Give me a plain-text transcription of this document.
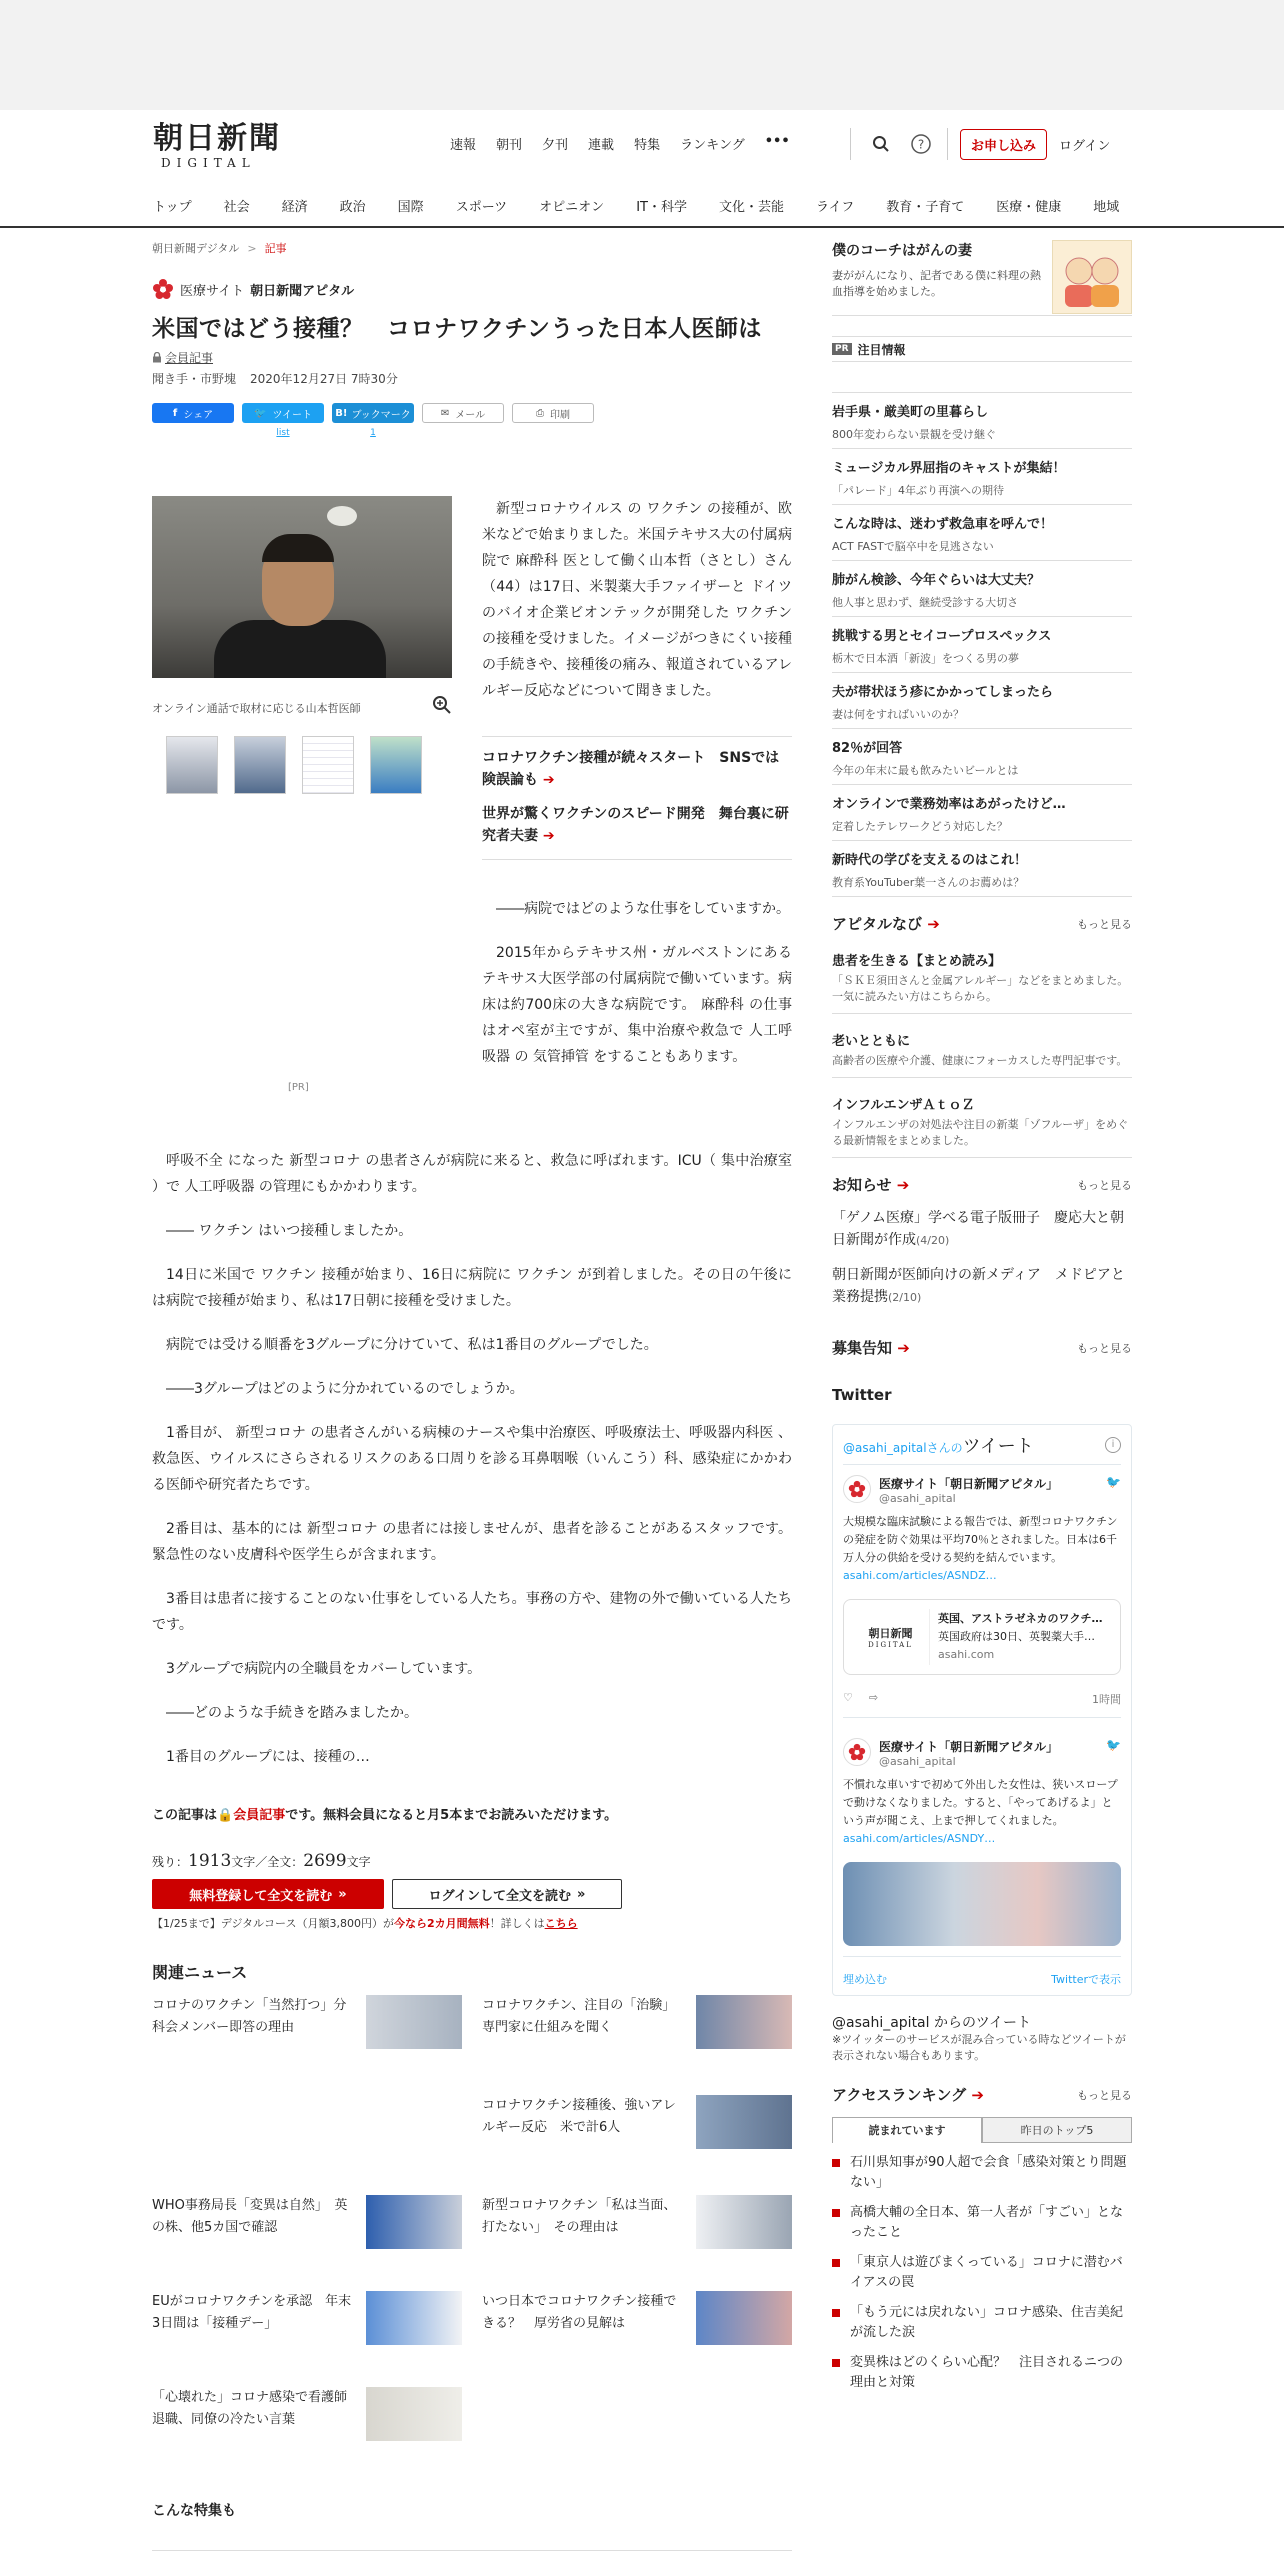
朝日新聞
DIGITAL
速報 朝刊 夕刊 連載 特集 ランキング •••	?	お申し込み	ログイン
トップ 社会 経済 政治 国際 スポーツ オピニオン IT・科学 文化・芸能 ライフ 教育・子育て 医療・健康 地域
朝日新聞デジタル > 記事
医療サイト 朝日新聞アピタル
米国ではどう接種？　コロナワクチンうった日本人医師は
会員記事
聞き手・市野塊 2020年12月27日 7時30分
f シェア	🐦 ツイート
list
B! ブックマーク
1
✉ メール	⎙ 印刷
オンライン通話で取材に応じる山本哲医師

新型コロナウイルス の ワクチン の接種が、欧米などで始まりました。米国テキサス大の付属病院で 麻酔科 医として働く山本哲（さとし）さん（44）は17日、米製薬大手ファイザーと ドイツ のバイオ企業ビオンテックが開発した ワクチン の接種を受けました。イメージがつきにくい接種の手続きや、接種後の痛み、報道されているアレルギー反応などについて聞きました。

コロナワクチン接種が続々スタート　SNSでは険誤論も ➔

世界が驚くワクチンのスピード開発　舞台裏に研究者夫妻 ➔

――病院ではどのような仕事をしていますか。

2015年からテキサス州・ガルベストンにあるテキサス大医学部の付属病院で働いています。病床は約700床の大きな病院です。 麻酔科 の仕事はオペ室が主ですが、集中治療や救急で 人工呼吸器 の 気管挿管 をすることもあります。

[PR]

呼吸不全 になった 新型コロナ の患者さんが病院に来ると、救急に呼ばれます。ICU（ 集中治療室 ）で 人工呼吸器 の管理にもかかわります。

―― ワクチン はいつ接種しましたか。

14日に米国で ワクチン 接種が始まり、16日に病院に ワクチン が到着しました。その日の午後には病院で接種が始まり、私は17日朝に接種を受けました。

病院では受ける順番を3グループに分けていて、私は1番目のグループでした。

――3グループはどのように分かれているのでしょうか。

1番目が、 新型コロナ の患者さんがいる病棟のナースや集中治療医、呼吸療法士、呼吸器内科医 、救急医、ウイルスにさらされるリスクのある口周りを診る耳鼻咽喉（いんこう）科、感染症にかかわる医師や研究者たちです。

2番目は、基本的には 新型コロナ の患者には接しませんが、患者を診ることがあるスタッフです。緊急性のない皮膚科や医学生らが含まれます。

3番目は患者に接することのない仕事をしている人たち。事務の方や、建物の外で働いている人たちです。

3グループで病院内の全職員をカバーしています。

――どのような手続きを踏みましたか。

1番目のグループには、接種の…

この記事は🔒会員記事です。無料会員になると月5本までお読みいただけます。
残り：1913文字／全文：2699文字
無料登録して全文を読む »	ログインして全文を読む »
【1/25まで】デジタルコース（月額3,800円）が今なら2カ月間無料！詳しくはこちら
関連ニュース
コロナのワクチン「当然打つ」分科会メンバー即答の理由
コロナワクチン、注目の「治験」　専門家に仕組みを聞く
コロナワクチン接種後、強いアレルギー反応　米で計6人
WHO事務局長「変異は自然」　英の株、他5カ国で確認
新型コロナワクチン「私は当面、打たない」　その理由は
EUがコロナワクチンを承認　年末3日間は「接種デー」
いつ日本でコロナワクチン接種できる？　厚労省の見解は
「心壊れた」コロナ感染で看護師退職、同僚の冷たい言葉
こんな特集も
僕のコーチはがんの妻
妻ががんになり、記者である僕に料理の熱血指導を始めました。
PR 注目情報
岩手県・厳美町の里暮らし
800年変わらない景観を受け継ぐ
ミュージカル界屈指のキャストが集結！
「パレード」4年ぶり再演への期待
こんな時は、迷わず救急車を呼んで！
ACT FASTで脳卒中を見逃さない
肺がん検診、今年ぐらいは大丈夫？
他人事と思わず、継続受診する大切さ
挑戦する男とセイコープロスペックス
栃木で日本酒「新波」をつくる男の夢
夫が帯状ほう疹にかかってしまったら
妻は何をすればいいのか？
82％が回答
今年の年末に最も飲みたいビールとは
オンラインで業務効率はあがったけど…
定着したテレワークどう対応した？
新時代の学びを支えるのはこれ！
教育系YouTuber葉一さんのお薦めは？
アピタルなび ➔	もっと見る
患者を生きる【まとめ読み】
「ＳＫＥ須田さんと金属アレルギー」などをまとめました。一気に読みたい方はこちらから。
老いとともに
高齢者の医療や介護、健康にフォーカスした専門記事です。
インフルエンザＡｔｏＺ
インフルエンザの対処法や注目の新薬「ゾフルーザ」をめぐる最新情報をまとめました。
お知らせ ➔	もっと見る
「ゲノム医療」学べる電子版冊子　慶応大と朝日新聞が作成(4/20)
朝日新聞が医師向けの新メディア　メドピアと業務提携(2/10)
募集告知 ➔	もっと見る
Twitter
@asahi_apitalさんのツイート	i
医療サイト「朝日新聞アピタル」
@asahi_apital
🐦
大規模な臨床試験による報告では、新型コロナワクチンの発症を防ぐ効果は平均70％とされました。日本は6千万人分の供給を受ける契約を結んでいます。 asahi.com/articles/ASNDZ…
朝日新聞
DIGITAL
英国、アストラゼネカのワクチ…
英国政府は30日、英製薬大手…
asahi.com
♡ ⇨	1時間
医療サイト「朝日新聞アピタル」
@asahi_apital
🐦
不慣れな車いすで初めて外出した女性は、狭いスロープで動けなくなりました。すると、「やってあげるよ」という声が聞こえ、上まで押してくれました。 asahi.com/articles/ASNDY…
埋め込む	Twitterで表示
@asahi_apital からのツイート
※ツイッターのサービスが混み合っている時などツイートが表示されない場合もあります。
アクセスランキング ➔	もっと見る
読まれています	昨日のトップ5
石川県知事が90人超で会食「感染対策とり問題ない」
高橋大輔の全日本、第一人者が「すごい」となったこと
「東京人は遊びまくっている」コロナに潜むバイアスの罠
「もう元には戻れない」コロナ感染、住吉美紀が流した涙
変異株はどのくらい心配？　注目されるニつの理由と対策
